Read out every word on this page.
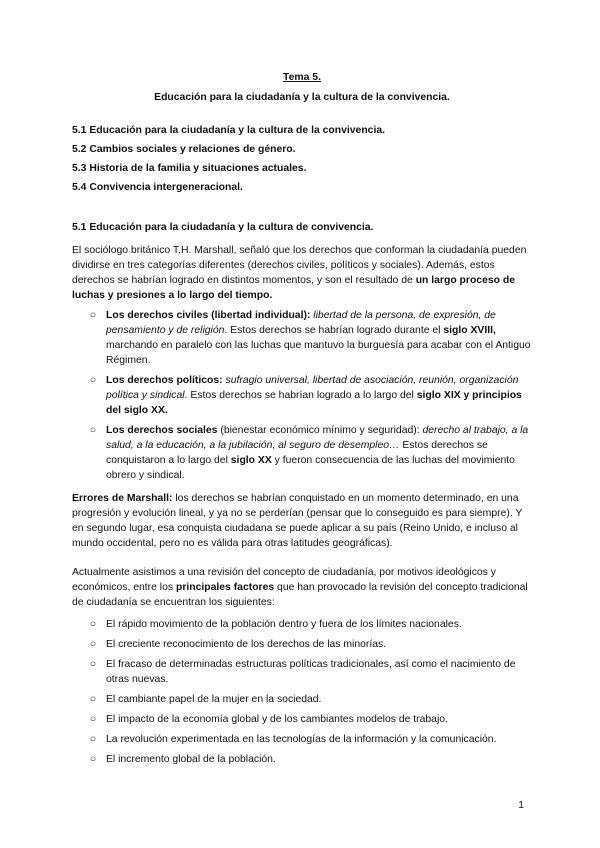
Tema 5.
Educación para la ciudadanía y la cultura de la convivencia.
5.1 Educación para la ciudadanía y la cultura de la convivencia.
5.2 Cambios sociales y relaciones de género.
5.3 Historia de la familia y situaciones actuales.
5.4 Convivencia intergeneracional.
5.1 Educación para la ciudadanía y la cultura de convivencia.

El sociólogo británico T.H. Marshall, señaló que los derechos que conforman la ciudadanía pueden dividirse en tres categorías diferentes (derechos civiles, políticos y sociales). Además, estos derechos se habrían logrado en distintos momentos, y son el resultado de un largo proceso de luchas y presiones a lo largo del tiempo.

○ Los derechos civiles (libertad individual): libertad de la persona, de expresión, de pensamiento y de religión. Estos derechos se habrían logrado durante el siglo XVIII, marchando en paralelo con las luchas que mantuvo la burguesía para acabar con el Antiguo Régimen.
○ Los derechos políticos: sufragio universal, libertad de asociación, reunión, organización política y sindical. Estos derechos se habrían logrado a lo largo del siglo XIX y principios del siglo XX.
○ Los derechos sociales (bienestar económico mínimo y seguridad): derecho al trabajo, a la salud, a la educación, a la jubilación, al seguro de desempleo… Estos derechos se conquistaron a lo largo del siglo XX y fueron consecuencia de las luchas del movimiento obrero y sindical.

Errores de Marshall: los derechos se habrían conquistado en un momento determinado, en una progresión y evolución lineal, y ya no se perderían (pensar que lo conseguido es para siempre). Y en segundo lugar, esa conquista ciudadana se puede aplicar a su país (Reino Unido, e incluso al mundo occidental, pero no es válida para otras latitudes geográficas).

Actualmente asistimos a una revisión del concepto de ciudadanía, por motivos ideológicos y económicos, entre los principales factores que han provocado la revisión del concepto tradicional de ciudadanía se encuentran los siguientes:

○ El rápido movimiento de la población dentro y fuera de los límites nacionales.
○ El creciente reconocimiento de los derechos de las minorías.
○ El fracaso de determinadas estructuras políticas tradicionales, así como el nacimiento de otras nuevas.
○ El cambiante papel de la mujer en la sociedad.
○ El impacto de la economía global y de los cambiantes modelos de trabajo.
○ La revolución experimentada en las tecnologías de la información y la comunicación.
○ El incremento global de la población.
1
